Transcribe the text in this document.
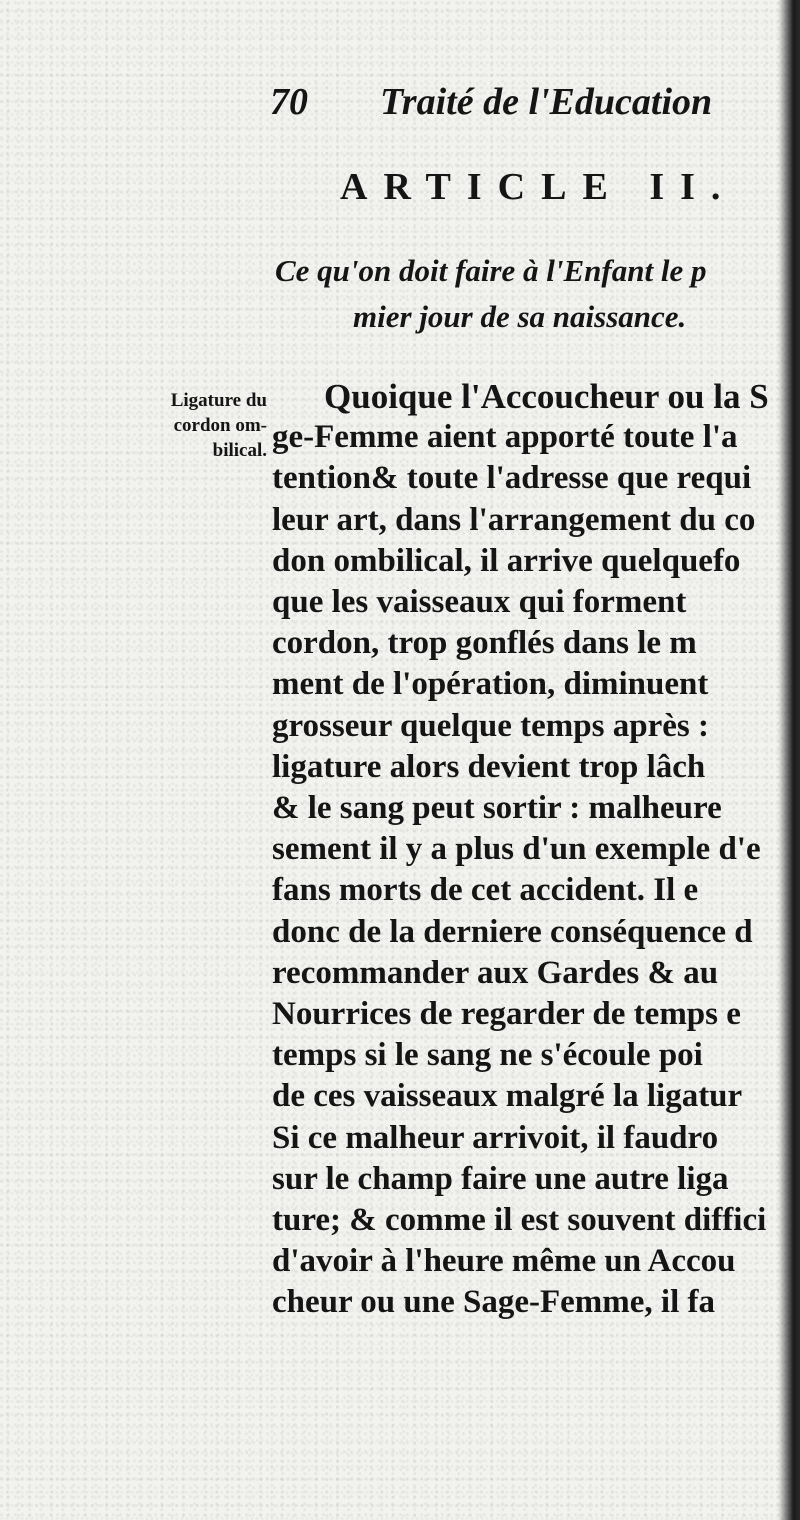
70 Traité de l'Education
ARTICLE II.
Ce qu'on doit faire à l'Enfant le p
mier jour de sa naissance.
Ligature du
cordon om-
bilical.
Quoique l'Accoucheur ou la S
ge-Femme aient apporté toute l'a
tention& toute l'adresse que requi
leur art, dans l'arrangement du co
don ombilical, il arrive quelquefo
que les vaisseaux qui forment
cordon, trop gonflés dans le m
ment de l'opération, diminuent
grosseur quelque temps après :
ligature alors devient trop lâch
& le sang peut sortir : malheure
sement il y a plus d'un exemple d'e
fans morts de cet accident. Il e
donc de la derniere conséquence d
recommander aux Gardes & au
Nourrices de regarder de temps e
temps si le sang ne s'écoule poi
de ces vaisseaux malgré la ligatur
Si ce malheur arrivoit, il faudro
sur le champ faire une autre liga
ture; & comme il est souvent diffici
d'avoir à l'heure même un Accou
cheur ou une Sage-Femme, il fa
